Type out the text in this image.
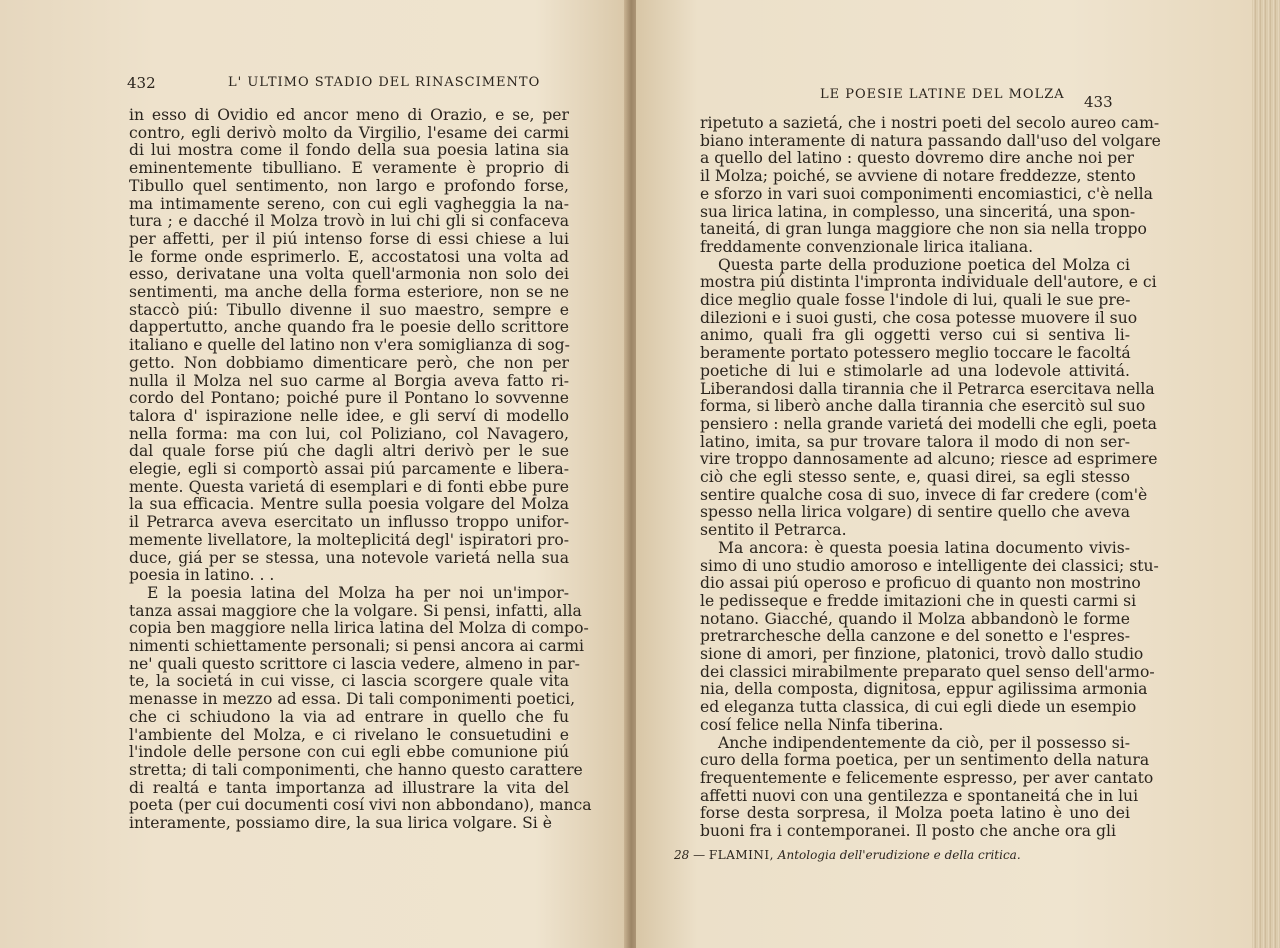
432	L' ULTIMO STADIO DEL RINASCIMENTO
in esso di Ovidio ed ancor meno di Orazio, e se, per
contro, egli derivò molto da Virgilio, l'esame dei carmi
di lui mostra come il fondo della sua poesia latina sia
eminentemente tibulliano. E veramente è proprio di
Tibullo quel sentimento, non largo e profondo forse,
ma intimamente sereno, con cui egli vagheggia la na-
tura ; e dacché il Molza trovò in lui chi gli si confaceva
per affetti, per il piú intenso forse di essi chiese a lui
le forme onde esprimerlo. E, accostatosi una volta ad
esso, derivatane una volta quell'armonia non solo dei
sentimenti, ma anche della forma esteriore, non se ne
staccò piú: Tibullo divenne il suo maestro, sempre e
dappertutto, anche quando fra le poesie dello scrittore
italiano e quelle del latino non v'era somiglianza di sog-
getto. Non dobbiamo dimenticare però, che non per
nulla il Molza nel suo carme al Borgia aveva fatto ri-
cordo del Pontano; poiché pure il Pontano lo sovvenne
talora d' ispirazione nelle idee, e gli serví di modello
nella forma: ma con lui, col Poliziano, col Navagero,
dal quale forse piú che dagli altri derivò per le sue
elegie, egli si comportò assai piú parcamente e libera-
mente. Questa varietá di esemplari e di fonti ebbe pure
la sua efficacia. Mentre sulla poesia volgare del Molza
il Petrarca aveva esercitato un influsso troppo unifor-
memente livellatore, la molteplicitá degl' ispiratori pro-
duce, giá per se stessa, una notevole varietá nella sua
poesia in latino. . .
E la poesia latina del Molza ha per noi un'impor-
tanza assai maggiore che la volgare. Si pensi, infatti, alla
copia ben maggiore nella lirica latina del Molza di compo-
nimenti schiettamente personali; si pensi ancora ai carmi
ne' quali questo scrittore ci lascia vedere, almeno in par-
te, la societá in cui visse, ci lascia scorgere quale vita
menasse in mezzo ad essa. Di tali componimenti poetici,
che ci schiudono la via ad entrare in quello che fu
l'ambiente del Molza, e ci rivelano le consuetudini e
l'indole delle persone con cui egli ebbe comunione piú
stretta; di tali componimenti, che hanno questo carattere
di realtá e tanta importanza ad illustrare la vita del
poeta (per cui documenti cosí vivi non abbondano), manca
interamente, possiamo dire, la sua lirica volgare. Si è
LE POESIE LATINE DEL MOLZA 433
ripetuto a sazietá, che i nostri poeti del secolo aureo cam-
biano interamente di natura passando dall'uso del volgare
a quello del latino : questo dovremo dire anche noi per
il Molza; poiché, se avviene di notare freddezze, stento
e sforzo in vari suoi componimenti encomiastici, c'è nella
sua lirica latina, in complesso, una sinceritá, una spon-
taneitá, di gran lunga maggiore che non sia nella troppo
freddamente convenzionale lirica italiana.
Questa parte della produzione poetica del Molza ci
mostra piú distinta l'impronta individuale dell'autore, e ci
dice meglio quale fosse l'indole di lui, quali le sue pre-
dilezioni e i suoi gusti, che cosa potesse muovere il suo
animo, quali fra gli oggetti verso cui si sentiva li-
beramente portato potessero meglio toccare le facoltá
poetiche di lui e stimolarle ad una lodevole attivitá.
Liberandosi dalla tirannia che il Petrarca esercitava nella
forma, si liberò anche dalla tirannia che esercitò sul suo
pensiero : nella grande varietá dei modelli che egli, poeta
latino, imita, sa pur trovare talora il modo di non ser-
vire troppo dannosamente ad alcuno; riesce ad esprimere
ciò che egli stesso sente, e, quasi direi, sa egli stesso
sentire qualche cosa di suo, invece di far credere (com'è
spesso nella lirica volgare) di sentire quello che aveva
sentito il Petrarca.
Ma ancora: è questa poesia latina documento vivis-
simo di uno studio amoroso e intelligente dei classici; stu-
dio assai piú operoso e proficuo di quanto non mostrino
le pedisseque e fredde imitazioni che in questi carmi si
notano. Giacché, quando il Molza abbandonò le forme
pretrarchesche della canzone e del sonetto e l'espres-
sione di amori, per finzione, platonici, trovò dallo studio
dei classici mirabilmente preparato quel senso dell'armo-
nia, della composta, dignitosa, eppur agilissima armonia
ed eleganza tutta classica, di cui egli diede un esempio
cosí felice nella Ninfa tiberina.
Anche indipendentemente da ciò, per il possesso si-
curo della forma poetica, per un sentimento della natura
frequentemente e felicemente espresso, per aver cantato
affetti nuovi con una gentilezza e spontaneitá che in lui
forse desta sorpresa, il Molza poeta latino è uno dei
buoni fra i contemporanei. Il posto che anche ora gli
28 — FLAMINI, Antologia dell'erudizione e della critica.
